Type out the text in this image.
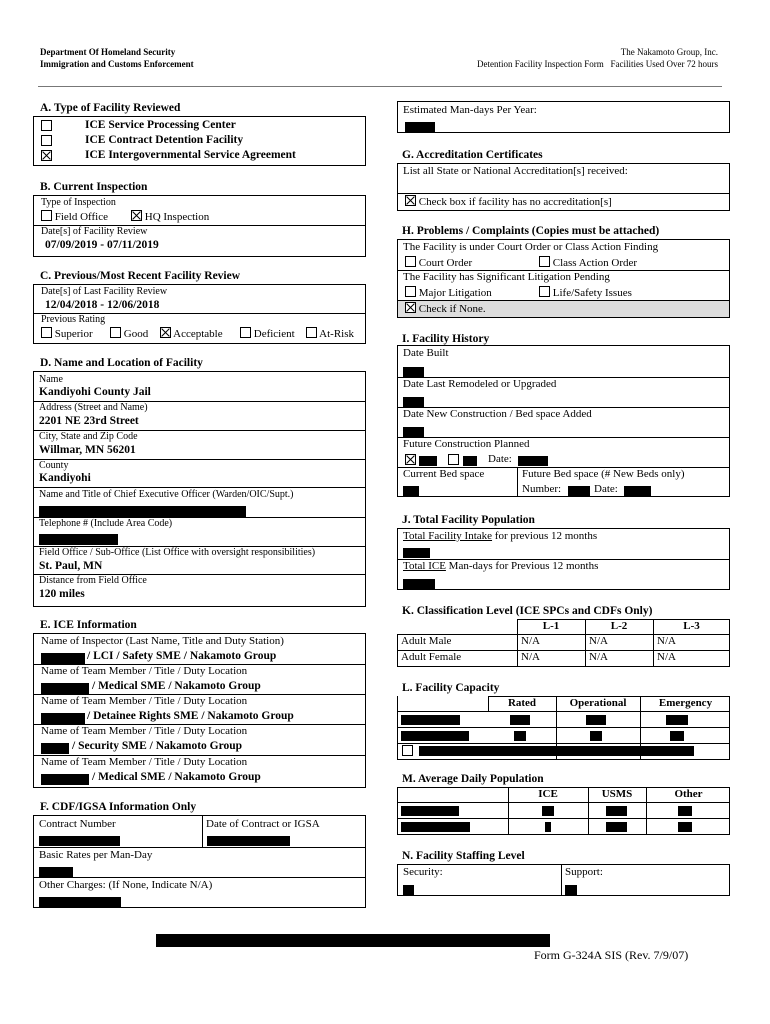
Department Of Homeland Security
Immigration and Customs Enforcement
The Nakamoto Group, Inc.
Detention Facility Inspection Form   Facilities Used Over 72 hours
A. Type of Facility Reviewed
ICE Service Processing Center
ICE Contract Detention Facility
ICE Intergovernmental Service Agreement
B. Current Inspection
Type of Inspection
Field Office	HQ Inspection
Date[s] of Facility Review
07/09/2019 - 07/11/2019
C. Previous/Most Recent Facility Review
Date[s] of Last Facility Review
12/04/2018 - 12/06/2018
Previous Rating
Superior	Good	Acceptable	Deficient	At-Risk
D. Name and Location of Facility
Name
Kandiyohi County Jail
Address (Street and Name)
2201 NE 23rd Street
City, State and Zip Code
Willmar, MN 56201
County
Kandiyohi
Name and Title of Chief Executive Officer (Warden/OIC/Supt.)
Telephone # (Include Area Code)
Field Office / Sub-Office (List Office with oversight responsibilities)
St. Paul, MN
Distance from Field Office
120 miles
E. ICE Information
Name of Inspector (Last Name, Title and Duty Station)
/ LCI / Safety SME / Nakamoto Group
Name of Team Member / Title / Duty Location
/ Medical SME / Nakamoto Group
Name of Team Member / Title / Duty Location
/ Detainee Rights SME / Nakamoto Group
Name of Team Member / Title / Duty Location
/ Security SME / Nakamoto Group
Name of Team Member / Title / Duty Location
/ Medical SME / Nakamoto Group
F. CDF/IGSA Information Only
Contract Number	Date of Contract or IGSA
Basic Rates per Man-Day
Other Charges: (If None, Indicate N/A)
Estimated Man-days Per Year:
G. Accreditation Certificates
List all State or National Accreditation[s] received:
Check box if facility has no accreditation[s]
H. Problems / Complaints (Copies must be attached)
The Facility is under Court Order or Class Action Finding
Court Order	Class Action Order
The Facility has Significant Litigation Pending
Major Litigation	Life/Safety Issues
Check if None.
I. Facility History
Date Built
Date Last Remodeled or Upgraded
Date New Construction / Bed space Added
Future Construction Planned
Date:
Current Bed space	Future Bed space (# New Beds only)
Number:	Date:
J. Total Facility Population
Total Facility Intake for previous 12 months
Total ICE Man-days for Previous 12 months
K. Classification Level (ICE SPCs and CDFs Only)
L-1	L-2	L-3
Adult Male	N/A	N/A	N/A
Adult Female	N/A	N/A	N/A
L. Facility Capacity
Rated	Operational	Emergency
M. Average Daily Population
ICE	USMS	Other
N. Facility Staffing Level
Security:	Support:
Form G-324A SIS (Rev. 7/9/07)
